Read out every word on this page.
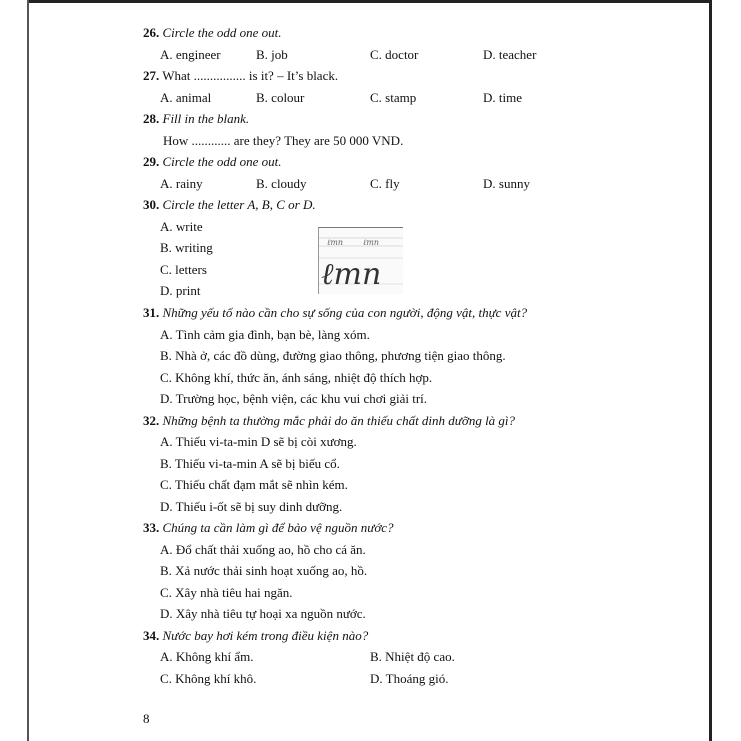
26. Circle the odd one out.
A. engineer	B. job	C. doctor	D. teacher
27. What ................ is it? – It’s black.
A. animal	B. colour	C. stamp	D. time
28. Fill in the blank.
How ............ are they? They are 50 000 VND.
29. Circle the odd one out.
A. rainy	B. cloudy	C. fly	D. sunny
30. Circle the letter A, B, C or D.
A. write
B. writing
C. letters
D. print
ℓmn ℓmn
ℓmn
31. Những yếu tố nào cần cho sự sống của con người, động vật, thực vật?
A. Tình cảm gia đình, bạn bè, làng xóm.
B. Nhà ở, các đồ dùng, đường giao thông, phương tiện giao thông.
C. Không khí, thức ăn, ánh sáng, nhiệt độ thích hợp.
D. Trường học, bệnh viện, các khu vui chơi giải trí.
32. Những bệnh ta thường mắc phải do ăn thiếu chất dinh dưỡng là gì?
A. Thiếu vi-ta-min D sẽ bị còi xương.
B. Thiếu vi-ta-min A sẽ bị biếu cổ.
C. Thiếu chất đạm mắt sẽ nhìn kém.
D. Thiếu i-ốt sẽ bị suy dinh dưỡng.
33. Chúng ta cần làm gì để bảo vệ nguồn nước?
A. Đổ chất thải xuống ao, hồ cho cá ăn.
B. Xả nước thải sinh hoạt xuống ao, hồ.
C. Xây nhà tiêu hai ngăn.
D. Xây nhà tiêu tự hoại xa nguồn nước.
34. Nước bay hơi kém trong điều kiện nào?
A. Không khí ẩm.	B. Nhiệt độ cao.
C. Không khí khô.	D. Thoáng gió.
8
